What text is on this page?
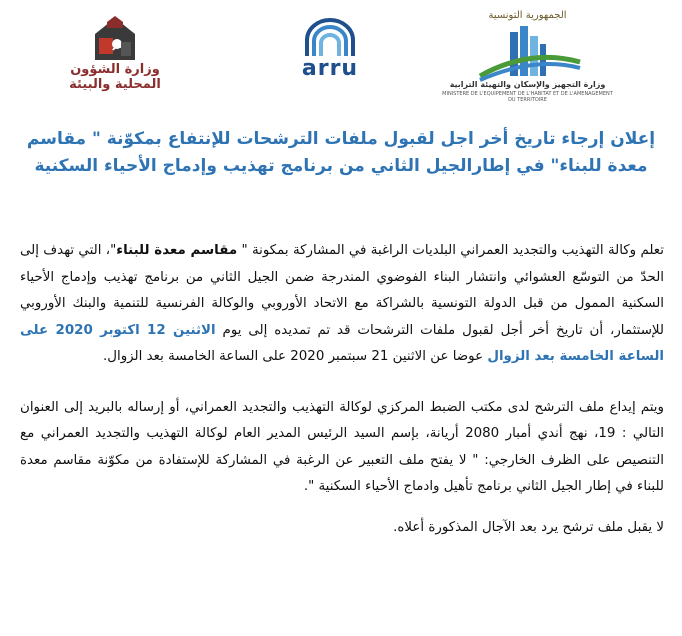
وزارة الشؤون المحلية والبيئة
arru
الجمهورية التونسية
وزارة التجهيز والإسكان والتهيئة الترابية
MINISTERE DE L'EQUIPEMENT DE L'HABITAT ET DE L'AMENAGEMENT DU TERRITOIRE
إعلان إرجاء تاريخ أخر اجل لقبول ملفات الترشحات للإنتفاع بمكوّنة " مقاسم معدة للبناء" في إطارالجيل الثاني من برنامج تهذيب وإدماج الأحياء السكنية

تعلم وكالة التهذيب والتجديد العمراني البلديات الراغبة في المشاركة بمكونة " مقاسم معدة للبناء"، التي تهدف إلى الحدّ من التوسّع العشوائي وانتشار البناء الفوضوي المندرجة ضمن الجيل الثاني من برنامج تهذيب وإدماج الأحياء السكنية الممول من قبل الدولة التونسية بالشراكة مع الاتحاد الأوروبي والوكالة الفرنسية للتنمية والبنك الأوروبي للإستثمار، أن تاريخ أخر أجل لقبول ملفات الترشحات قد تم تمديده إلى يوم الاثنين 12 اكتوبر 2020 على الساعة الخامسة بعد الزوال عوضا عن الاثنين 21 سبتمبر 2020 على الساعة الخامسة بعد الزوال.

ويتم إيداع ملف الترشح لدى مكتب الضبط المركزي لوكالة التهذيب والتجديد العمراني، أو إرساله بالبريد إلى العنوان التالي : 19، نهج أندي أمبار 2080 أريانة، بإسم السيد الرئيس المدير العام لوكالة التهذيب والتجديد العمراني مع التنصيص على الظرف الخارجي: " لا يفتح ملف التعبير عن الرغبة في المشاركة للإستفادة من مكوّنة مقاسم معدة للبناء في إطار الجيل الثاني برنامج تأهيل وادماج الأحياء السكنية ".

لا يقبل ملف ترشح يرد بعد الآجال المذكورة أعلاه.
